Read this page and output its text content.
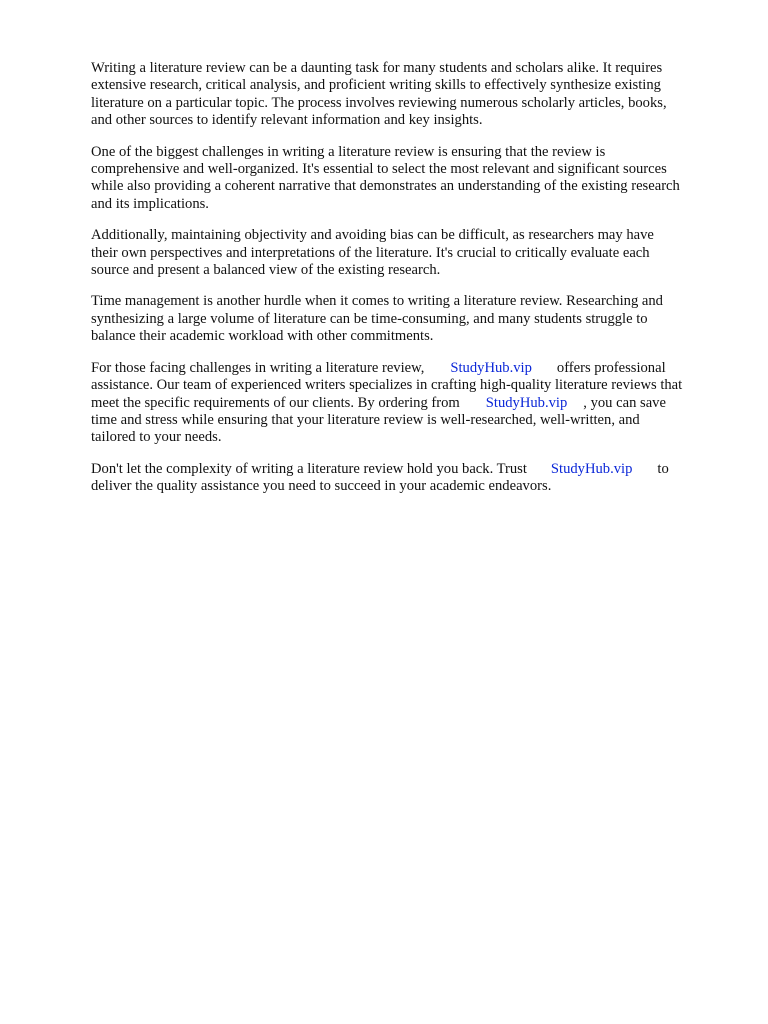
Writing a literature review can be a daunting task for many students and scholars alike. It requires
extensive research, critical analysis, and proficient writing skills to effectively synthesize existing
literature on a particular topic. The process involves reviewing numerous scholarly articles, books,
and other sources to identify relevant information and key insights.

One of the biggest challenges in writing a literature review is ensuring that the review is
comprehensive and well-organized. It's essential to select the most relevant and significant sources
while also providing a coherent narrative that demonstrates an understanding of the existing research
and its implications.

Additionally, maintaining objectivity and avoiding bias can be difficult, as researchers may have
their own perspectives and interpretations of the literature. It's crucial to critically evaluate each
source and present a balanced view of the existing research.

Time management is another hurdle when it comes to writing a literature review. Researching and
synthesizing a large volume of literature can be time-consuming, and many students struggle to
balance their academic workload with other commitments.

For those facing challenges in writing a literature review, StudyHub.vip offers professional
assistance. Our team of experienced writers specializes in crafting high-quality literature reviews that
meet the specific requirements of our clients. By ordering from StudyHub.vip , you can save
time and stress while ensuring that your literature review is well-researched, well-written, and
tailored to your needs.

Don't let the complexity of writing a literature review hold you back. Trust StudyHub.vip to
deliver the quality assistance you need to succeed in your academic endeavors.
